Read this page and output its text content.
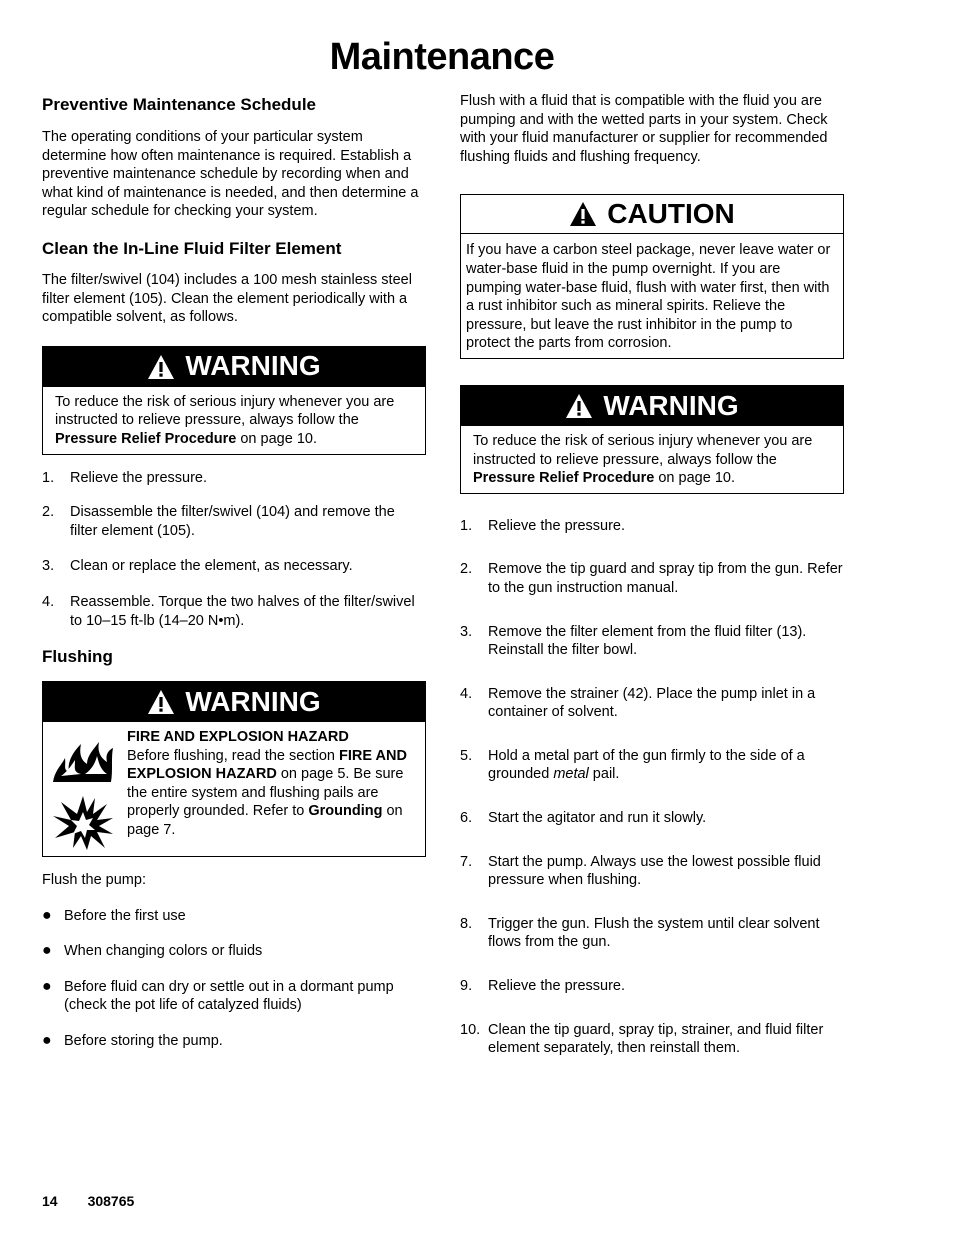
Maintenance
Preventive Maintenance Schedule

The operating conditions of your particular system determine how often maintenance is required. Establish a preventive maintenance schedule by recording when and what kind of maintenance is needed, and then determine a regular schedule for checking your system.

Clean the In-Line Fluid Filter Element

The filter/swivel (104) includes a 100 mesh stainless steel filter element (105). Clean the element periodically with a compatible solvent, as follows.

WARNING
To reduce the risk of serious injury whenever you are instructed to relieve pressure, always follow the Pressure Relief Procedure on page 10.
1.	Relieve the pressure.
2.	Disassemble the filter/swivel (104) and remove the filter element (105).
3.	Clean or replace the element, as necessary.
4.	Reassemble. Torque the two halves of the filter/swivel to 10–15 ft-lb (14–20 N•m).
Flushing
WARNING
FIRE AND EXPLOSION HAZARD
Before flushing, read the section FIRE AND EXPLOSION HAZARD on page 5. Be sure the entire system and flushing pails are properly grounded. Refer to Grounding on page 7.

Flush the pump:

● Before the first use
● When changing colors or fluids
● Before fluid can dry or settle out in a dormant pump (check the pot life of catalyzed fluids)
● Before storing the pump.

Flush with a fluid that is compatible with the fluid you are pumping and with the wetted parts in your system. Check with your fluid manufacturer or supplier for recommended flushing fluids and flushing frequency.

CAUTION
If you have a carbon steel package, never leave water or water-base fluid in the pump overnight. If you are pumping water-base fluid, flush with water first, then with a rust inhibitor such as mineral spirits. Relieve the pressure, but leave the rust inhibitor in the pump to protect the parts from corrosion.
WARNING
To reduce the risk of serious injury whenever you are instructed to relieve pressure, always follow the Pressure Relief Procedure on page 10.
1.	Relieve the pressure.
2.	Remove the tip guard and spray tip from the gun. Refer to the gun instruction manual.
3.	Remove the filter element from the fluid filter (13). Reinstall the filter bowl.
4.	Remove the strainer (42). Place the pump inlet in a container of solvent.
5.	Hold a metal part of the gun firmly to the side of a grounded metal pail.
6.	Start the agitator and run it slowly.
7.	Start the pump. Always use the lowest possible fluid pressure when flushing.
8.	Trigger the gun. Flush the system until clear solvent flows from the gun.
9.	Relieve the pressure.
10. Clean the tip guard, spray tip, strainer, and fluid filter element separately, then reinstall them.
14 308765
